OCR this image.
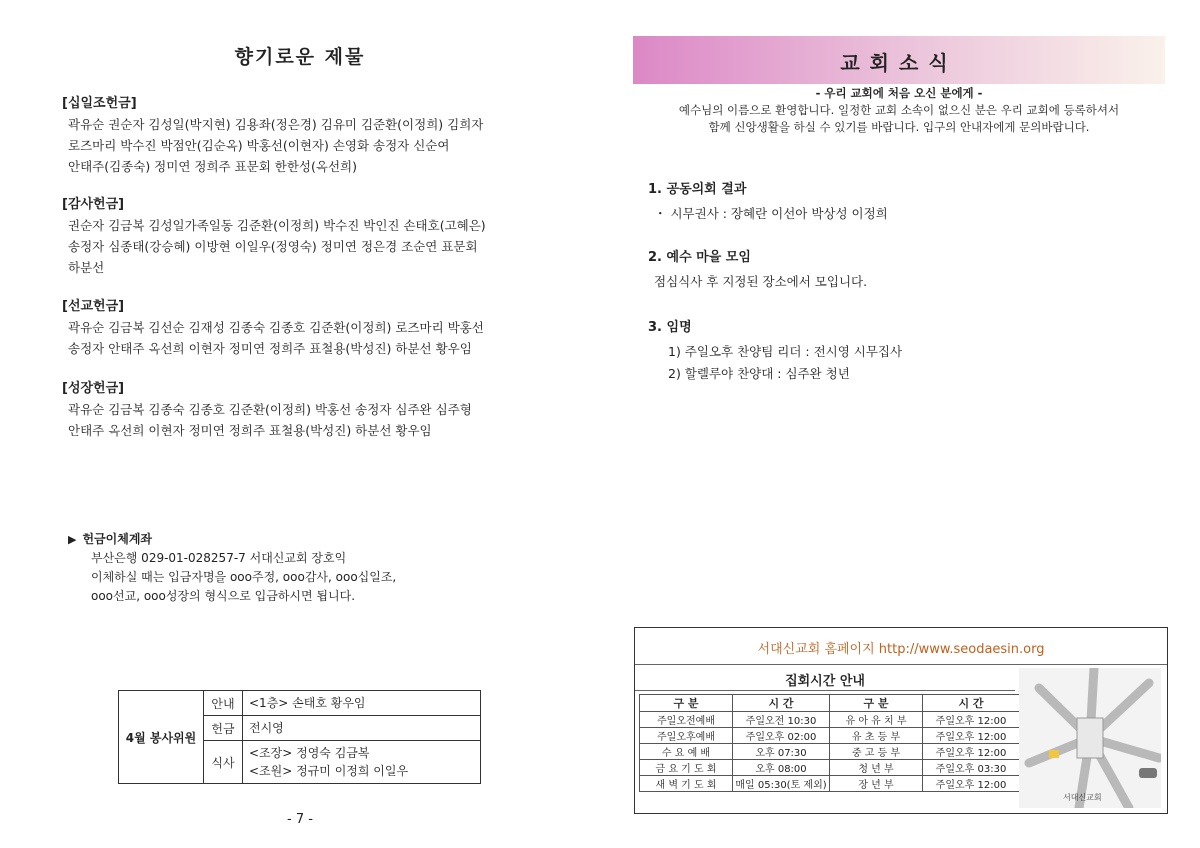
향기로운 제물
[십일조헌금]
곽유순 권순자 김성일(박지현) 김용좌(정은경) 김유미 김준환(이정희) 김희자
로즈마리 박수진 박점안(김순옥) 박홍선(이현자) 손영화 송정자 신순여
안태주(김종숙) 정미연 정희주 표문회 한한성(옥선희)
[감사헌금]
권순자 김금복 김성일가족일동 김준환(이정희) 박수진 박인진 손태호(고혜은)
송정자 심종태(강승혜) 이방현 이일우(정영숙) 정미연 정은경 조순연 표문회
하분선
[선교헌금]
곽유순 김금복 김선순 김재성 김종숙 김종호 김준환(이정희) 로즈마리 박홍선
송정자 안태주 옥선희 이현자 정미연 정희주 표철용(박성진) 하분선 황우임
[성장헌금]
곽유순 김금복 김종숙 김종호 김준환(이정희) 박홍선 송정자 심주완 심주형
안태주 옥선희 이현자 정미연 정희주 표철용(박성진) 하분선 황우임
▶ 헌금이체계좌
부산은행 029-01-028257-7 서대신교회 장호익
이체하실 때는 입금자명을 ooo주정, ooo감사, ooo십일조,
ooo선교, ooo성장의 형식으로 입금하시면 됩니다.
4월 봉사위원	안내	<1층> 손태호 황우임

	헌금	전시영

	식사	<조장> 정영숙 김금복
<조원> 정규미 이정희 이일우
- 7 -
교회소식
- 우리 교회에 처음 오신 분에게 -
예수님의 이름으로 환영합니다. 일정한 교회 소속이 없으신 분은 우리 교회에 등록하셔서
함께 신앙생활을 하실 수 있기를 바랍니다. 입구의 안내자에게 문의바랍니다.
1. 공동의회 결과
・ 시무권사 : 장혜란 이선아 박상성 이정희
2. 예수 마을 모임
점심식사 후 지정된 장소에서 모입니다.
3. 임명
1) 주일오후 찬양팀 리더 : 전시영 시무집사
2) 할렐루야 찬양대 : 심주완 청년
서대신교회 홈페이지 http://www.seodaesin.org
집회시간 안내
구 분	시 간	구 분	시 간
주일오전예배	주일오전 10:30	유 아 유 치 부	주일오후 12:00
주일오후예배	주일오후 02:00	유 초 등 부	주일오후 12:00
수 요 예 배	오후 07:30	중 고 등 부	주일오후 12:00
금 요 기 도 회	오후 08:00	청 년 부	주일오후 03:30
새 벽 기 도 회	매일 05:30(토 제외)	장 년 부	주일오후 12:00
서대신교회
